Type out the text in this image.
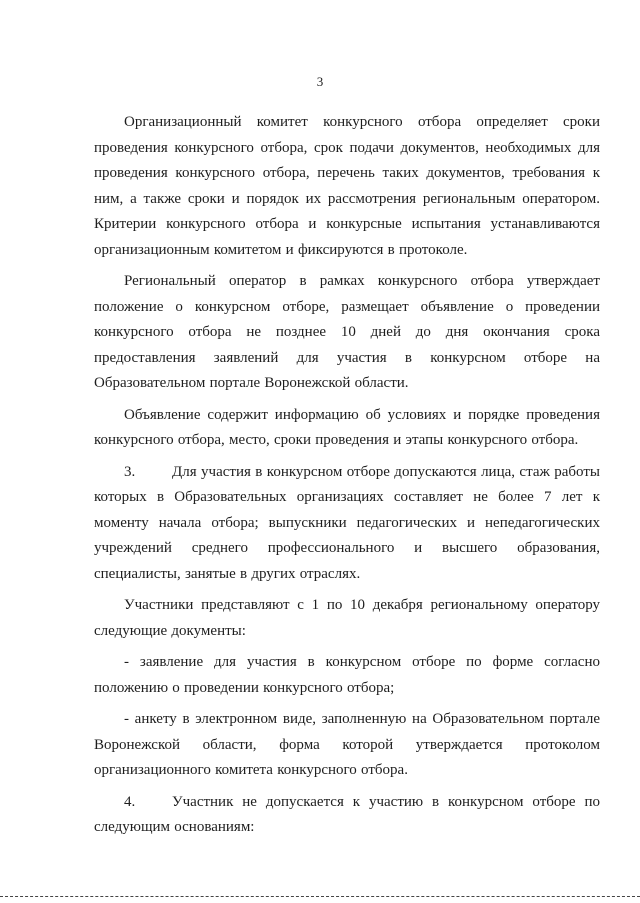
3

Организационный комитет конкурсного отбора определяет сроки проведения конкурсного отбора, срок подачи документов, необходимых для проведения конкурсного отбора, перечень таких документов, требования к ним, а также сроки и порядок их рассмотрения региональным оператором. Критерии конкурсного отбора и конкурсные испытания устанавливаются организационным комитетом и фиксируются в протоколе.

Региональный оператор в рамках конкурсного отбора утверждает положение о конкурсном отборе, размещает объявление о проведении конкурсного отбора не позднее 10 дней до дня окончания срока предоставления заявлений для участия в конкурсном отборе на Образовательном портале Воронежской области.

Объявление содержит информацию об условиях и порядке проведения конкурсного отбора, место, сроки проведения и этапы конкурсного отбора.

3. Для участия в конкурсном отборе допускаются лица, стаж работы которых в Образовательных организациях составляет не более 7 лет к моменту начала отбора; выпускники педагогических и непедагогических учреждений среднего профессионального и высшего образования, специалисты, занятые в других отраслях.

Участники представляют с 1 по 10 декабря региональному оператору следующие документы:

- заявление для участия в конкурсном отборе по форме согласно положению о проведении конкурсного отбора;

- анкету в электронном виде, заполненную на Образовательном портале Воронежской области, форма которой утверждается протоколом организационного комитета конкурсного отбора.

4. Участник не допускается к участию в конкурсном отборе по следующим основаниям:
